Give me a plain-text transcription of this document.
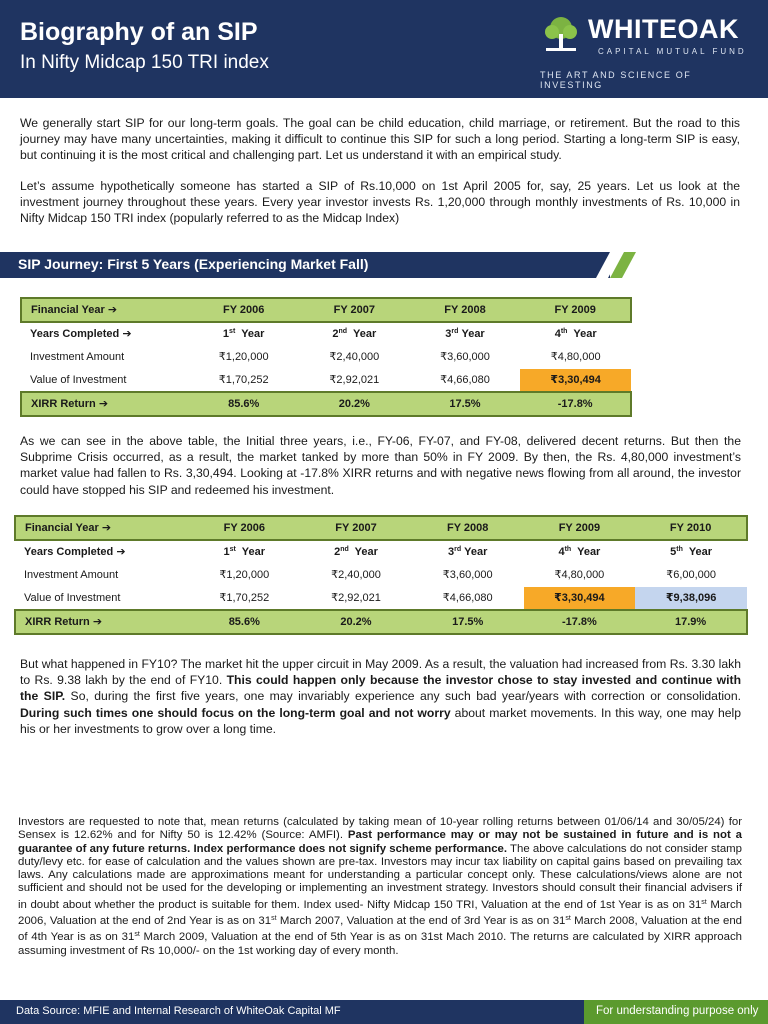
Biography of an SIP
In Nifty Midcap 150 TRI index
WHITEOAK
CAPITAL MUTUAL FUND
THE ART AND SCIENCE OF INVESTING

We generally start SIP for our long-term goals. The goal can be child education, child marriage, or retirement. But the road to this journey may have many uncertainties, making it difficult to continue this SIP for such a long period. Starting a long-term SIP is easy, but continuing it is the most critical and challenging part. Let us understand it with an empirical study.

Let’s assume hypothetically someone has started a SIP of Rs.10,000 on 1st April 2005 for, say, 25 years. Let us look at the investment journey throughout these years. Every year investor invests Rs. 1,20,000 through monthly investments of Rs. 10,000 in Nifty Midcap 150 TRI index (popularly referred to as the Midcap Index)

SIP Journey: First 5 Years (Experiencing Market Fall)
Financial Year ➔	FY 2006	FY 2007	FY 2008	FY 2009
Years Completed ➔	1st Year	2nd Year	3rd Year	4th Year
Investment Amount	₹1,20,000	₹2,40,000	₹3,60,000	₹4,80,000
Value of Investment	₹1,70,252	₹2,92,021	₹4,66,080	₹3,30,494
XIRR Return ➔	85.6%	20.2%	17.5%	-17.8%

As we can see in the above table, the Initial three years, i.e., FY-06, FY-07, and FY-08, delivered decent returns. But then the Subprime Crisis occurred, as a result, the market tanked by more than 50% in FY 2009. By then, the Rs. 4,80,000 investment’s market value had fallen to Rs. 3,30,494. Looking at -17.8% XIRR returns and with negative news flowing from all around, the investor could have stopped his SIP and redeemed his investment.

Financial Year ➔	FY 2006	FY 2007	FY 2008	FY 2009	FY 2010
Years Completed ➔	1st Year	2nd Year	3rd Year	4th Year	5th Year
Investment Amount	₹1,20,000	₹2,40,000	₹3,60,000	₹4,80,000	₹6,00,000
Value of Investment	₹1,70,252	₹2,92,021	₹4,66,080	₹3,30,494	₹9,38,096
XIRR Return ➔	85.6%	20.2%	17.5%	-17.8%	17.9%

But what happened in FY10? The market hit the upper circuit in May 2009. As a result, the valuation had increased from Rs. 3.30 lakh to Rs. 9.38 lakh by the end of FY10. This could happen only because the investor chose to stay invested and continue with the SIP. So, during the first five years, one may invariably experience any such bad year/years with correction or consolidation. During such times one should focus on the long-term goal and not worry about market movements. In this way, one may help his or her investments to grow over a long time.

Investors are requested to note that, mean returns (calculated by taking mean of 10-year rolling returns between 01/06/14 and 30/05/24) for Sensex is 12.62% and for Nifty 50 is 12.42% (Source: AMFI). Past performance may or may not be sustained in future and is not a guarantee of any future returns. Index performance does not signify scheme performance. The above calculations do not consider stamp duty/levy etc. for ease of calculation and the values shown are pre-tax. Investors may incur tax liability on capital gains based on prevailing tax laws. Any calculations made are approximations meant for understanding a particular concept only. These calculations/views alone are not sufficient and should not be used for the developing or implementing an investment strategy. Investors should consult their financial advisers if in doubt about whether the product is suitable for them. Index used- Nifty Midcap 150 TRI, Valuation at the end of 1st Year is as on 31st March 2006, Valuation at the end of 2nd Year is as on 31st March 2007, Valuation at the end of 3rd Year is as on 31st March 2008, Valuation at the end of 4th Year is as on 31st March 2009, Valuation at the end of 5th Year is as on 31st Mach 2010. The returns are calculated by XIRR approach assuming investment of Rs 10,000/- on the 1st working day of every month.

Data Source: MFIE and Internal Research of WhiteOak Capital MF	For understanding purpose only
